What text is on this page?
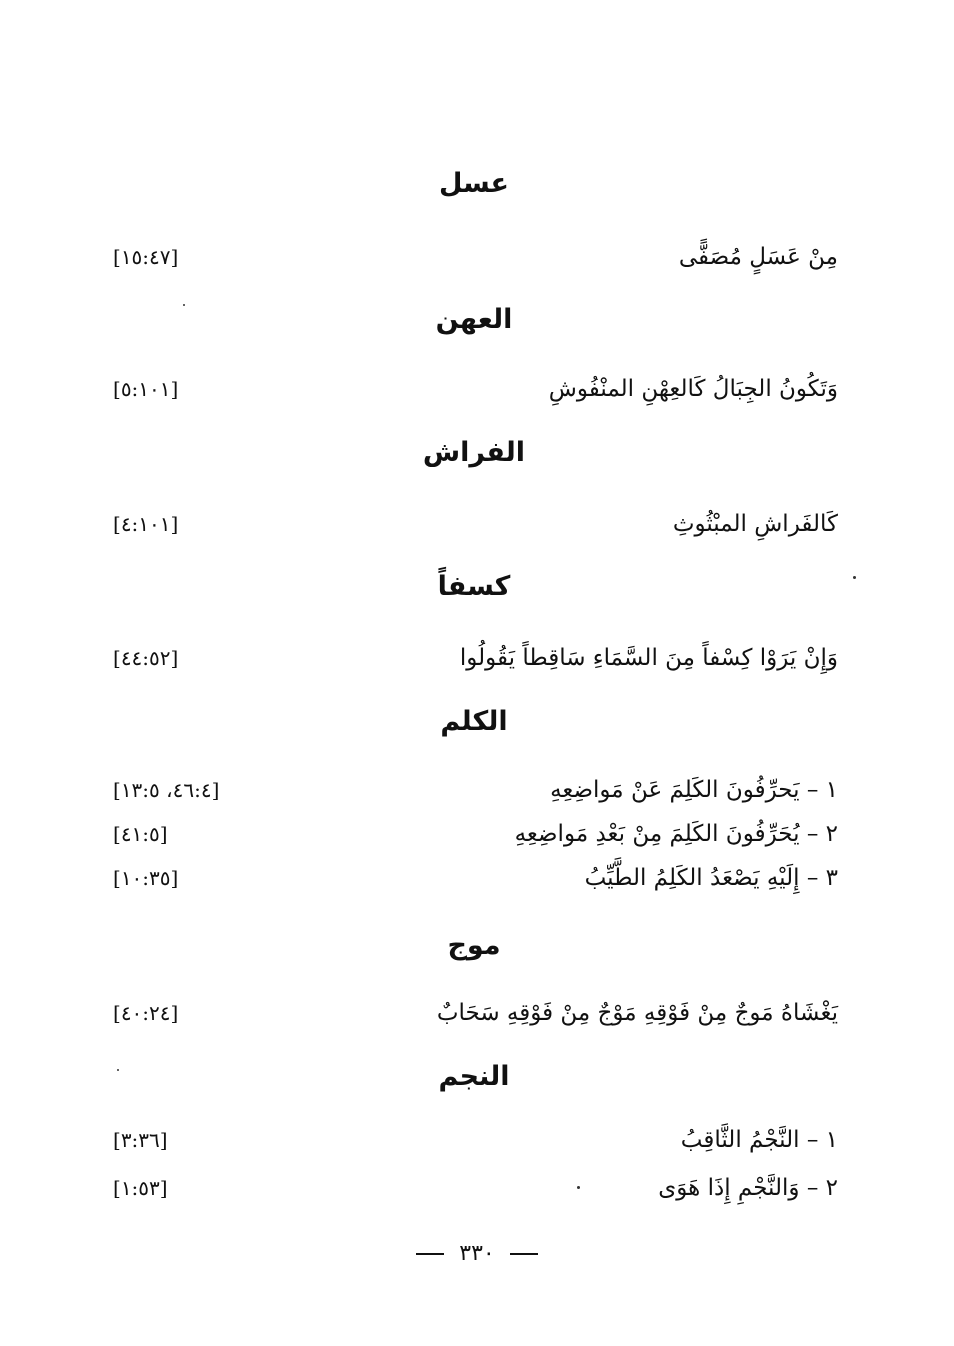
عسل
مِنْ عَسَلٍ مُصَفًّى
[١٥:٤٧]
العهن
وَتَكُونُ الجِبَالُ كَالعِهْنِ المنْفُوشِ
[٥:١٠١]
الفراش
كَالفَراشِ المبْثُوثِ
[٤:١٠١]
كسفاً
وَإِنْ يَرَوْا كِسْفاً مِنَ السَّمَاءِ سَاقِطاً يَقُولُوا
[٤٤:٥٢]
الكلم
١ – يَحرِّفُونَ الكَلِمَ عَنْ مَواضِعِهِ
[٤٦:٤، ١٣:٥]
٢ – يُحَرِّفُونَ الكَلِمَ مِنْ بَعْدِ مَواضِعِهِ
[٤١:٥]
٣ – إِلَيْهِ يَصْعَدُ الكَلِمُ الطَّيِّبُ
[١٠:٣٥]
موج
يَغْشَاهُ مَوجٌ مِنْ فَوْقِهِ مَوْجٌ مِنْ فَوْقِهِ سَحَابٌ
[٤٠:٢٤]
النجم
١ – النَّجْمُ الثَّاقِبُ
[٣:٣٦]
٢ – وَالنَّجْمِ إِذَا هَوَى
[١:٥٣]
٣٣٠
